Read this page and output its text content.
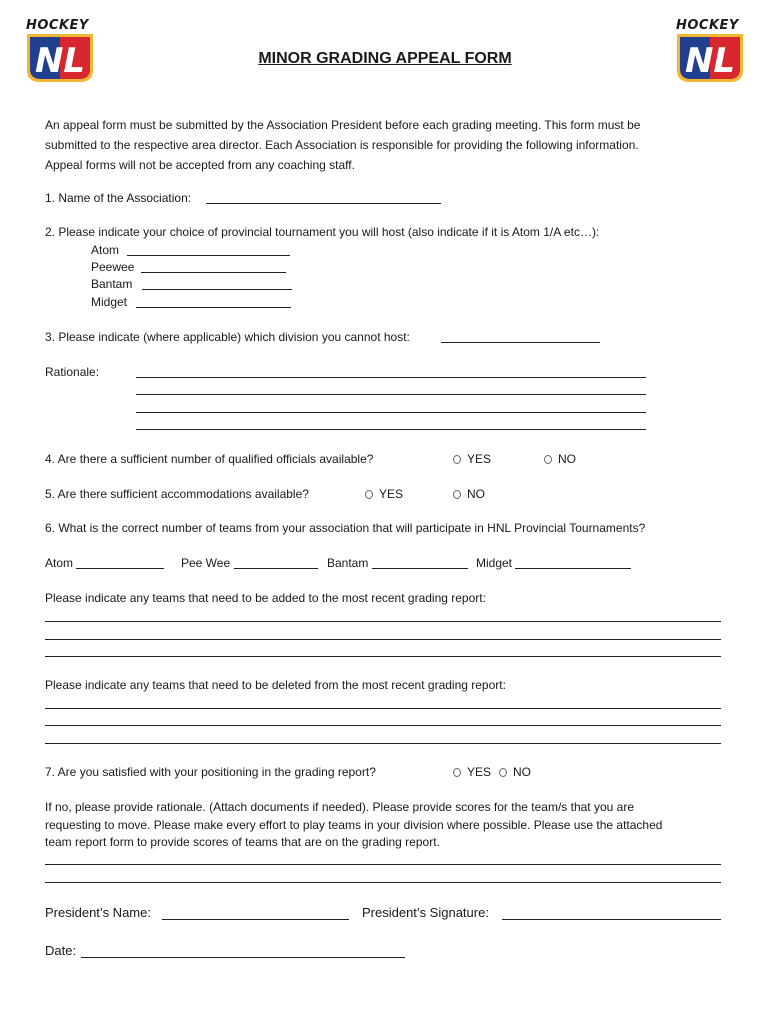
HOCKEY
NL
HOCKEY
NL
MINOR GRADING APPEAL FORM
An appeal form must be submitted by the Association President before each grading meeting. This form must be
submitted to the respective area director. Each Association is responsible for providing the following information.
Appeal forms will not be accepted from any coaching staff.
1. Name of the Association:
2. Please indicate your choice of provincial tournament you will host (also indicate if it is Atom 1/A etc…):
Atom
Peewee
Bantam
Midget
3. Please indicate (where applicable) which division you cannot host:
Rationale:
4. Are there a sufficient number of qualified officials available?	YES	NO
5. Are there sufficient accommodations available?	YES	NO
6. What is the correct number of teams from your association that will participate in HNL Provincial Tournaments?
Atom	Pee Wee	Bantam	Midget
Please indicate any teams that need to be added to the most recent grading report:
Please indicate any teams that need to be deleted from the most recent grading report:
7. Are you satisfied with your positioning in the grading report?	YES	NO
If no, please provide rationale. (Attach documents if needed). Please provide scores for the team/s that you are
requesting to move. Please make every effort to play teams in your division where possible. Please use the attached
team report form to provide scores of teams that are on the grading report.
President’s Name:	President’s Signature:
Date:
